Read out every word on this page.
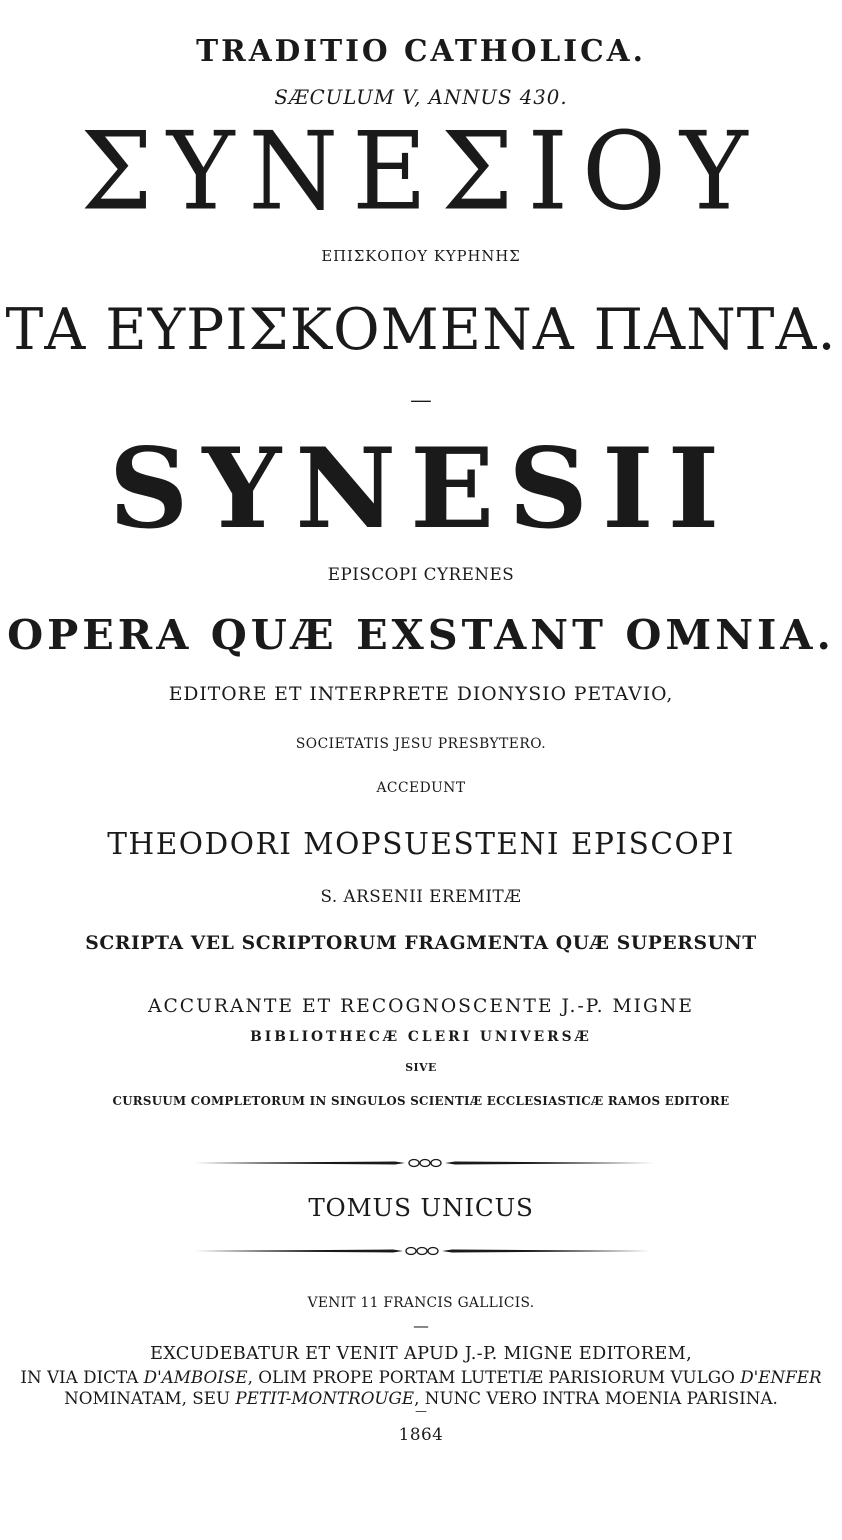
TRADITIO CATHOLICA.
SÆCULUM V, ANNUS 430.
ΣΥΝΕΣΙΟΥ
ΕΠΙΣΚΟΠΟΥ ΚΥΡΗΝΗΣ
ΤΑ ΕΥΡΙΣΚΟΜΕΝΑ ΠΑΝΤΑ.
—
SYNESII
EPISCOPI CYRENES
OPERA QUÆ EXSTANT OMNIA.
EDITORE ET INTERPRETE DIONYSIO PETAVIO,
SOCIETATIS JESU PRESBYTERO.
ACCEDUNT
THEODORI MOPSUESTENI EPISCOPI
S. ARSENII EREMITÆ
SCRIPTA VEL SCRIPTORUM FRAGMENTA QUÆ SUPERSUNT
ACCURANTE ET RECOGNOSCENTE J.-P. MIGNE
BIBLIOTHECÆ CLERI UNIVERSÆ
SIVE
CURSUUM COMPLETORUM IN SINGULOS SCIENTIÆ ECCLESIASTICÆ RAMOS EDITORE
TOMUS UNICUS
VENIT 11 FRANCIS GALLICIS.
—
EXCUDEBATUR ET VENIT APUD J.-P. MIGNE EDITOREM,
IN VIA DICTA D'AMBOISE, OLIM PROPE PORTAM LUTETIÆ PARISIORUM VULGO D'ENFER
NOMINATAM, SEU PETIT-MONTROUGE, NUNC VERO INTRA MOENIA PARISINA.
—
1864
